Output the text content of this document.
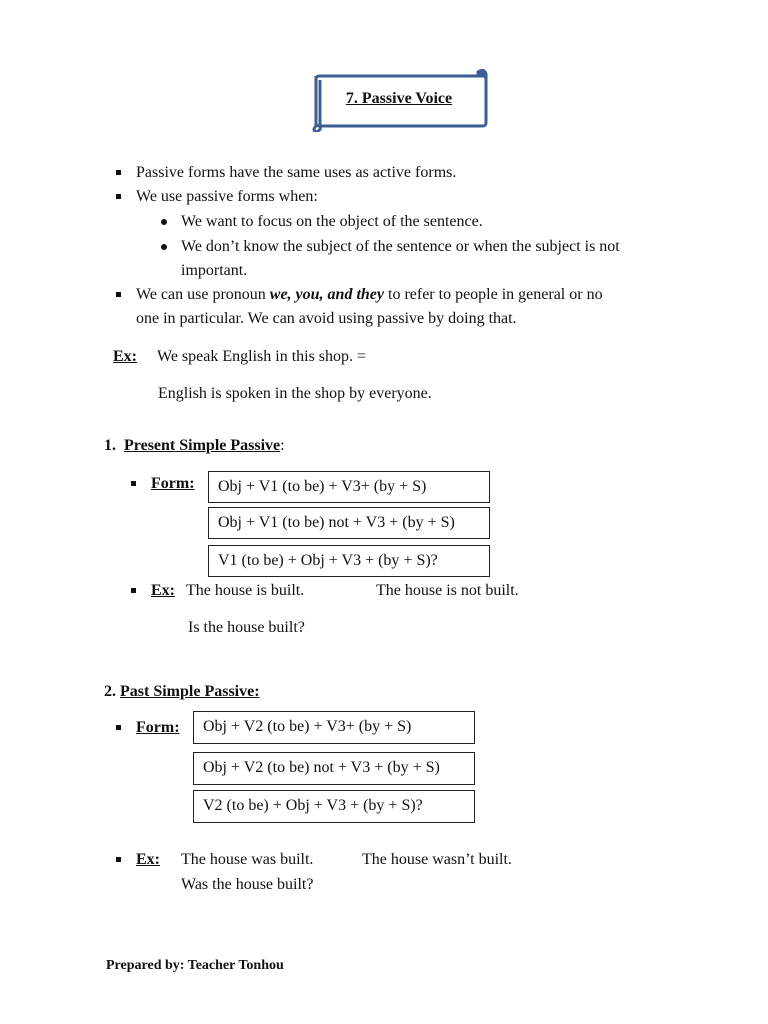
7. Passive Voice
Passive forms have the same uses as active forms.
We use passive forms when:
We want to focus on the object of the sentence.
We don’t know the subject of the sentence or when the subject is not
important.
We can use pronoun we, you, and they to refer to people in general or no
one in particular. We can avoid using passive by doing that.
Ex: We speak English in this shop. =
English is spoken in the shop by everyone.
1. Present Simple Passive:
Form:	Obj + V1 (to be) + V3+ (by + S)
Obj + V1 (to be) not + V3 + (by + S)
V1 (to be) + Obj + V3 + (by + S)?
Ex: The house is built.	The house is not built.
Is the house built?
2. Past Simple Passive:
Form:	Obj + V2 (to be) + V3+ (by + S)
Obj + V2 (to be) not + V3 + (by + S)
V2 (to be) + Obj + V3 + (by + S)?
Ex: The house was built.	The house wasn’t built.
Was the house built?
Prepared by: Teacher Tonhou
